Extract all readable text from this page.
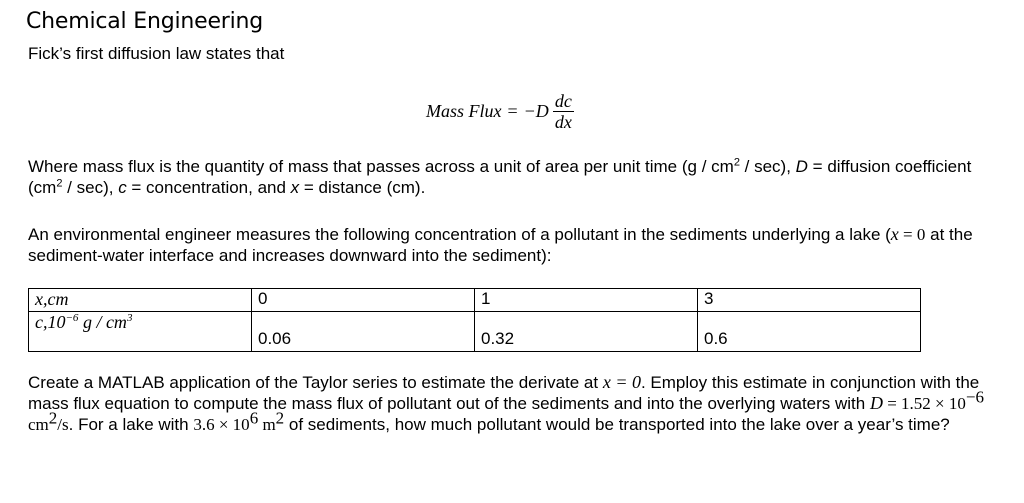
Chemical Engineering
Fick’s first diffusion law states that
Mass Flux = $-D \frac{dc}{dx}$
Where mass flux is the quantity of mass that passes across a unit of area per unit time $(g / cm^2 / \sec)$, D = diffusion coefficient $(cm^2 / \sec)$, c = concentration, and x = distance (cm).
An environmental engineer measures the following concentration of a pollutant in the sediments underlying a lake (x = 0 at the sediment-water interface and increases downward into the sediment):
x,cm	0	1	3
$c,10^{-6}$ g / $cm^3$	0.06	0.32	0.6
Create a MATLAB application of the Taylor series to estimate the derivate at x = 0. Employ this estimate in conjunction with the mass flux equation to compute the mass flux of pollutant out of the sediments and into the overlying waters with $D = 1.52 \times 10^{-6}$ $cm^2/s$. For a lake with $3.6 \times 10^6$ $m^2$ of sediments, how much pollutant would be transported into the lake over a year’s time?
